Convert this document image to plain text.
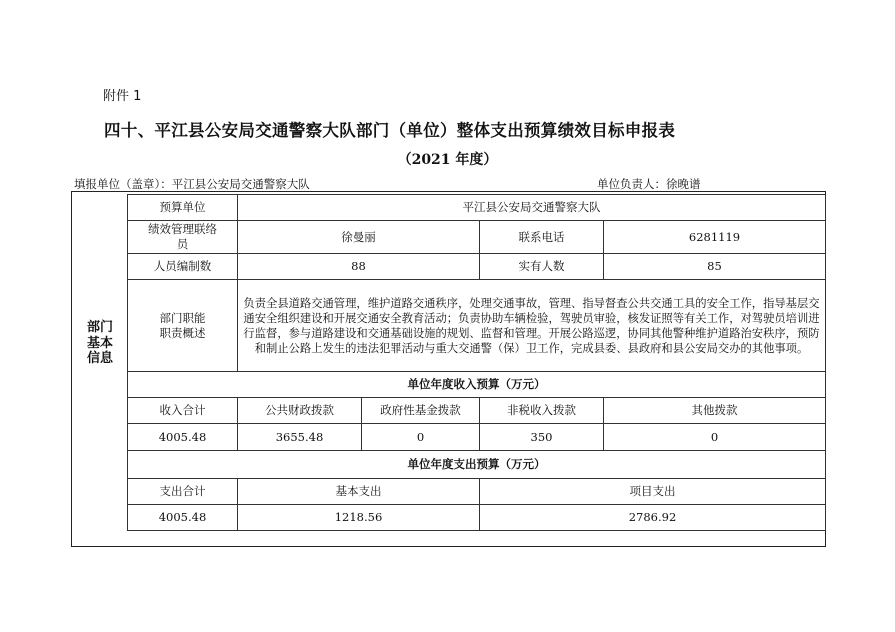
附件 1
四十、平江县公安局交通警察大队部门（单位）整体支出预算绩效目标申报表
（2021 年度）
填报单位（盖章）：平江县公安局交通警察大队	单位负责人：徐晚谱
部门基本信息
预算单位	平江县公安局交通警察大队			
绩效管理联络员	徐曼丽		联系电话	6281119
人员编制数	88		实有人数	85
部门职能职责概述	负责全县道路交通管理，维护道路交通秩序，处理交通事故，管理、指导督查公共交通工具的安全工作，指导基层交通安全组织建设和开展交通安全教育活动；负责协助车辆检验，驾驶员审验，核发证照等有关工作，对驾驶员培训进行监督，参与道路建设和交通基础设施的规划、监督和管理。开展公路巡逻，协同其他警种维护道路治安秩序，预防和制止公路上发生的违法犯罪活动与重大交通警（保）卫工作，完成县委、县政府和县公安局交办的其他事项。			
单位年度收入预算（万元）				
收入合计	公共财政拨款	政府性基金拨款	非税收入拨款	其他拨款
4005.48	3655.48	0	350	0
单位年度支出预算（万元）				
支出合计	基本支出		项目支出	
4005.48	1218.56		2786.92	
